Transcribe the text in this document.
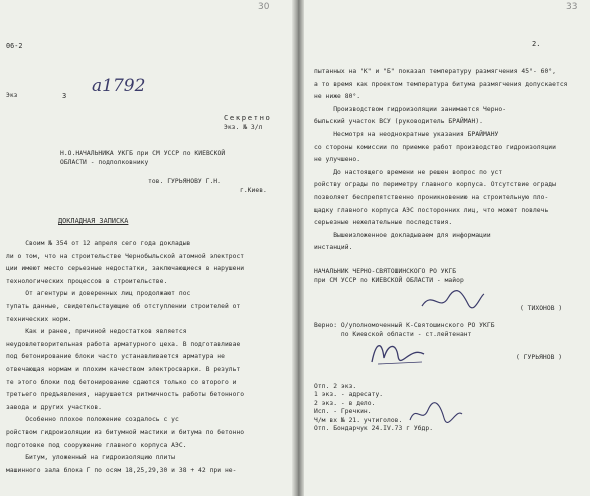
30
06-2
Экз	3 a1792
Секретно
Экз. № 3/л
Н.О.НАЧАЛЬНИКА УКГБ при СМ УССР по КИЕВСКОЙ
ОБЛАСТИ - подполковнику
тов. ГУРЬЯНОВУ Г.Н.
г.Киев.
ДОКЛАДНАЯ ЗАПИСКА
Своим № 354 от 12 апреля сего года докладыв
ли о том, что на строительстве Чернобыльской атомной электрост
ции имеют место серьезные недостатки, заключающиеся в нарушени
технологических процессов в строительстве.
От агентуры и доверенных лиц продолжают пос
тупать данные, свидетельствующие об отступлении строителей от
технических норм.
Как и ранее, причиной недостатков является
неудовлетворительная работа арматурного цеха. В подготавливае
под бетонирование блоки часто устанавливается арматура не
отвечающая нормам и плохим качеством электросварки. В результ
те этого блоки под бетонирование сдаются только со второго и
третьего предъявления, нарушается ритмичность работы бетонного
завода и других участков.
Особенно плохое положение создалось с ус
ройством гидроизоляции из битумной мастики и битума по бетонно
подготовке под сооружение главного корпуса АЭС.
Битум, уложенный на гидроизоляцию плиты
машинного зала блока Г по осям 18,25,29,30 и 38 + 42 при не-
33
2.
пытанных на "К" и "Б" показал температуру размягчения 45°- 60°,
а то время как проектом температура битума размягчения допускается
не ниже 80°.
Производством гидроизоляции занимается Черно-
быльский участок ВСУ (руководитель БРАЙМАН).
Несмотря на неоднократные указания БРАЙМАНУ
со стороны комиссии по приемке работ производство гидроизоляции
не улучшено.
До настоящего времени не решен вопрос по уст
ройству ограды по периметру главного корпуса. Отсутствие ограды
позволяет беспрепятственно проникновению на строительную пло-
щадку главного корпуса АЭС посторонних лиц, что может повлечь
серьезные нежелательные последствия.
Вышеизложенное докладываем для информации
инстанций.
НАЧАЛЬНИК ЧЕРНО-СВЯТОШИНСКОГО РО УКГБ
при СМ УССР по КИЕВСКОЙ ОБЛАСТИ - майор
( ТИХОНОВ )
Верно: О/уполномоченный К-Святошинского РО УКГБ
по Киевской области - ст.лейтенант
( ГУРЬЯНОВ )
Отп. 2 экз.
1 экз. - адресату.
2 экз. - в дело.
Исп. - Гречкин.
Ч/м вх № 21. учтиголов.
Отп. Бондарчук 24.IV.73 г Убдр.
